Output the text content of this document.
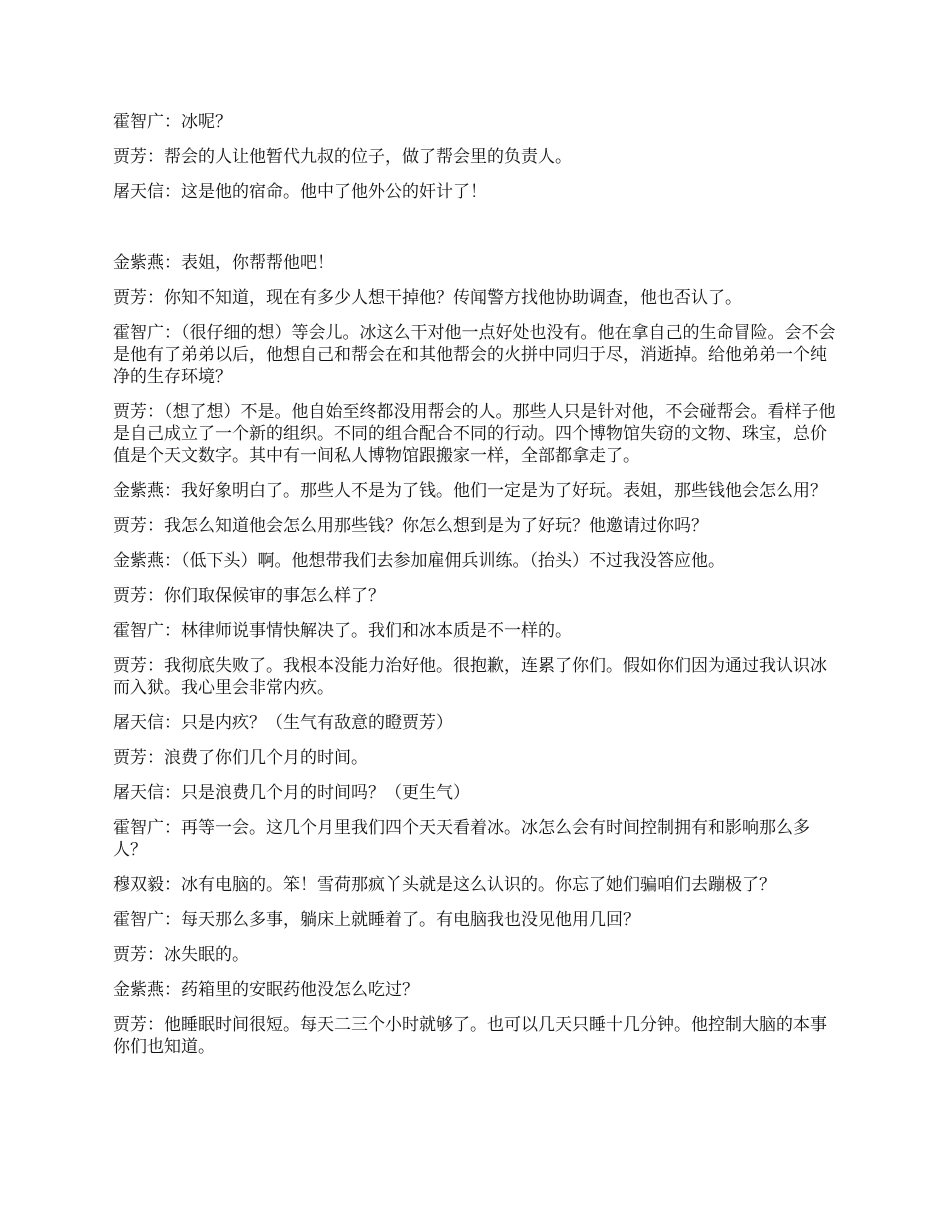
霍智广：冰呢？

贾芳：帮会的人让他暂代九叔的位子，做了帮会里的负责人。

屠天信：这是他的宿命。他中了他外公的奸计了！

金紫燕：表姐，你帮帮他吧！

贾芳：你知不知道，现在有多少人想干掉他？传闻警方找他协助调查，他也否认了。

霍智广：（很仔细的想）等会儿。冰这么干对他一点好处也没有。他在拿自己的生命冒险。会不会是他有了弟弟以后，他想自己和帮会在和其他帮会的火拼中同归于尽，消逝掉。给他弟弟一个纯净的生存环境？

贾芳：（想了想）不是。他自始至终都没用帮会的人。那些人只是针对他，不会碰帮会。看样子他是自己成立了一个新的组织。不同的组合配合不同的行动。四个博物馆失窃的文物、珠宝，总价值是个天文数字。其中有一间私人博物馆跟搬家一样，全部都拿走了。

金紫燕：我好象明白了。那些人不是为了钱。他们一定是为了好玩。表姐，那些钱他会怎么用？

贾芳：我怎么知道他会怎么用那些钱？你怎么想到是为了好玩？他邀请过你吗？

金紫燕：（低下头）啊。他想带我们去参加雇佣兵训练。（抬头）不过我没答应他。

贾芳：你们取保候审的事怎么样了？

霍智广：林律师说事情快解决了。我们和冰本质是不一样的。

贾芳：我彻底失败了。我根本没能力治好他。很抱歉，连累了你们。假如你们因为通过我认识冰而入狱。我心里会非常内疚。

屠天信：只是内疚？（生气有敌意的瞪贾芳）

贾芳：浪费了你们几个月的时间。

屠天信：只是浪费几个月的时间吗？（更生气）

霍智广：再等一会。这几个月里我们四个天天看着冰。冰怎么会有时间控制拥有和影响那么多人？

穆双毅：冰有电脑的。笨！雪荷那疯丫头就是这么认识的。你忘了她们骗咱们去蹦极了？

霍智广：每天那么多事，躺床上就睡着了。有电脑我也没见他用几回？

贾芳：冰失眠的。

金紫燕：药箱里的安眠药他没怎么吃过？

贾芳：他睡眠时间很短。每天二三个小时就够了。也可以几天只睡十几分钟。他控制大脑的本事你们也知道。
